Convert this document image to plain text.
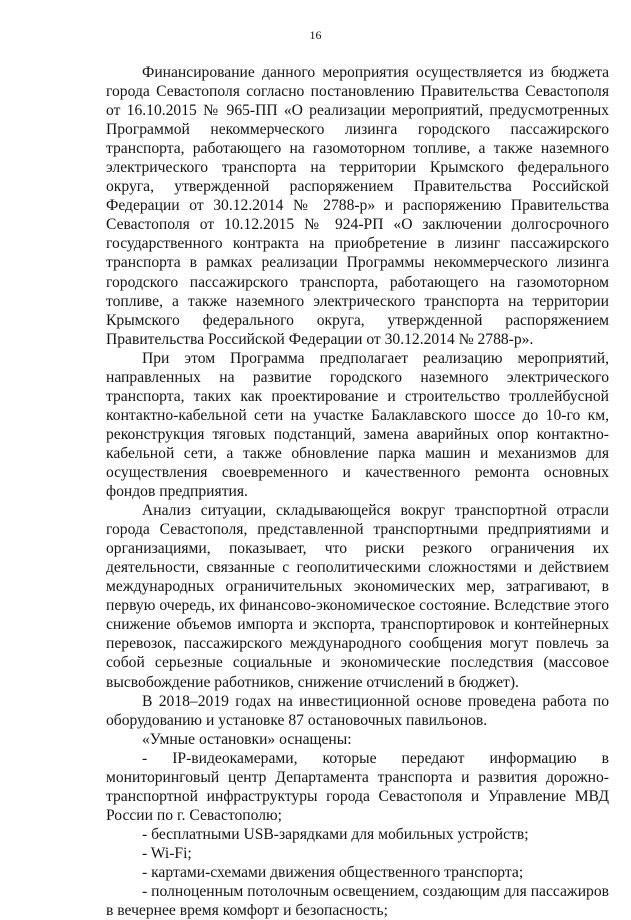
16

Финансирование данного мероприятия осуществляется из бюджета города Севастополя согласно постановлению Правительства Севастополя от 16.10.2015 № 965-ПП «О реализации мероприятий, предусмотренных Программой некоммерческого лизинга городского пассажирского транспорта, работающего на газомоторном топливе, а также наземного электрического транспорта на территории Крымского федерального округа, утвержденной распоряжением Правительства Российской Федерации от 30.12.2014 № 2788-р» и распоряжению Правительства Севастополя от 10.12.2015 № 924-РП «О заключении долгосрочного государственного контракта на приобретение в лизинг пассажирского транспорта в рамках реализации Программы некоммерческого лизинга городского пассажирского транспорта, работающего на газомоторном топливе, а также наземного электрического транспорта на территории Крымского федерального округа, утвержденной распоряжением Правительства Российской Федерации от 30.12.2014 № 2788-р».

При этом Программа предполагает реализацию мероприятий, направленных на развитие городского наземного электрического транспорта, таких как проектирование и строительство троллейбусной контактно-кабельной сети на участке Балаклавского шоссе до 10-го км, реконструкция тяговых подстанций, замена аварийных опор контактно-кабельной сети, а также обновление парка машин и механизмов для осуществления своевременного и качественного ремонта основных фондов предприятия.

Анализ ситуации, складывающейся вокруг транспортной отрасли города Севастополя, представленной транспортными предприятиями и организациями, показывает, что риски резкого ограничения их деятельности, связанные с геополитическими сложностями и действием международных ограничительных экономических мер, затрагивают, в первую очередь, их финансово-экономическое состояние. Вследствие этого снижение объемов импорта и экспорта, транспортировок и контейнерных перевозок, пассажирского международного сообщения могут повлечь за собой серьезные социальные и экономические последствия (массовое высвобождение работников, снижение отчислений в бюджет).

В 2018–2019 годах на инвестиционной основе проведена работа по оборудованию и установке 87 остановочных павильонов.

«Умные остановки» оснащены:

- IP-видеокамерами, которые передают информацию в мониторинговый центр Департамента транспорта и развития дорожно-транспортной инфраструктуры города Севастополя и Управление МВД России по г. Севастополю;

- бесплатными USB-зарядками для мобильных устройств;

- Wi-Fi;

- картами-схемами движения общественного транспорта;

- полноценным потолочным освещением, создающим для пассажиров в вечернее время комфорт и безопасность;
